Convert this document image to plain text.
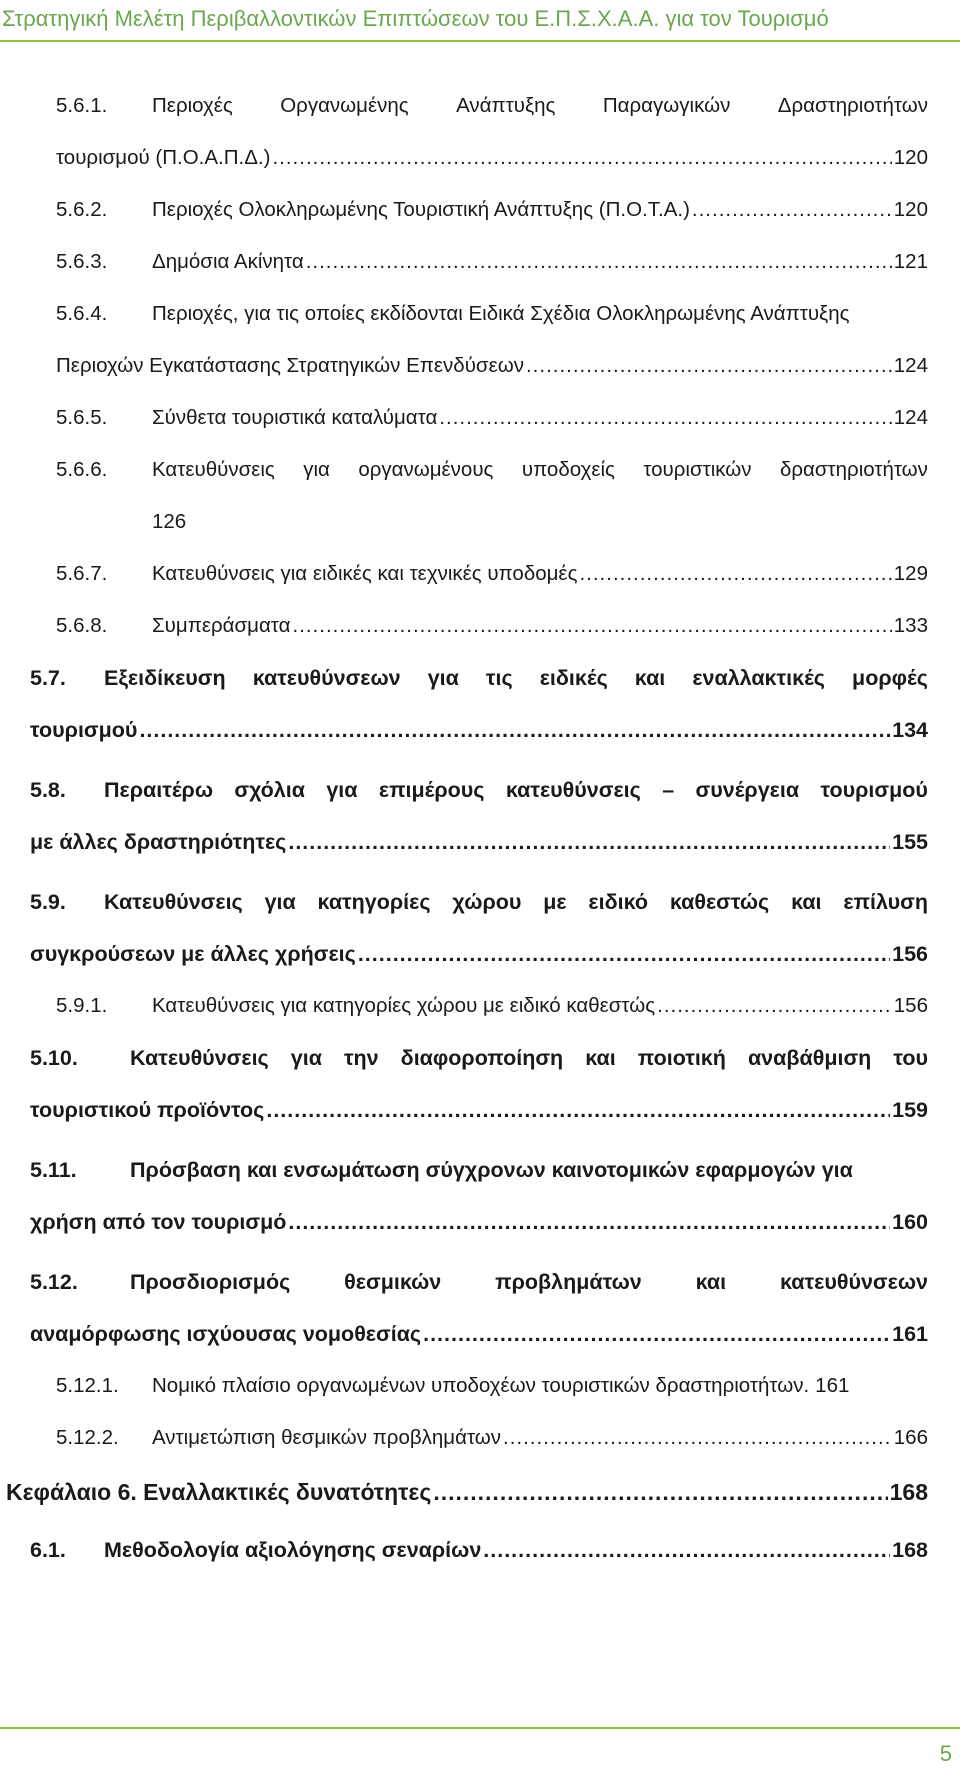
Στρατηγική Μελέτη Περιβαλλοντικών Επιπτώσεων του Ε.Π.Σ.Χ.Α.Α. για τον Τουρισμό
5.6.1. Περιοχές Οργανωμένης Ανάπτυξης Παραγωγικών Δραστηριοτήτων
τουρισμού (Π.Ο.Α.Π.Δ.) .....	120
5.6.2. Περιοχές Ολοκληρωμένης Τουριστική Ανάπτυξης (Π.Ο.Τ.Α.) .....	120
5.6.3. Δημόσια Ακίνητα .....	121
5.6.4. Περιοχές, για τις οποίες εκδίδονται Ειδικά Σχέδια Ολοκληρωμένης Ανάπτυξης
Περιοχών Εγκατάστασης Στρατηγικών Επενδύσεων .....	124
5.6.5. Σύνθετα τουριστικά καταλύματα .....	124
5.6.6. Κατευθύνσεις για οργανωμένους υποδοχείς τουριστικών δραστηριοτήτων
126
5.6.7. Κατευθύνσεις για ειδικές και τεχνικές υποδομές .....	129
5.6.8. Συμπεράσματα .....	133
5.7. Εξειδίκευση κατευθύνσεων για τις ειδικές και εναλλακτικές μορφές
τουρισμού .....	134
5.8. Περαιτέρω σχόλια για επιμέρους κατευθύνσεις – συνέργεια τουρισμού
με άλλες δραστηριότητες .....	155
5.9. Κατευθύνσεις για κατηγορίες χώρου με ειδικό καθεστώς και επίλυση
συγκρούσεων με άλλες χρήσεις .....	156
5.9.1. Κατευθύνσεις για κατηγορίες χώρου με ειδικό καθεστώς .....	156
5.10. Κατευθύνσεις για την διαφοροποίηση και ποιοτική αναβάθμιση του
τουριστικού προϊόντος .....	159
5.11. Πρόσβαση και ενσωμάτωση σύγχρονων καινοτομικών εφαρμογών για
χρήση από τον τουρισμό .....	160
5.12. Προσδιορισμός	θεσμικών	προβλημάτων	και	κατευθύνσεων
αναμόρφωσης ισχύουσας νομοθεσίας .....	161
5.12.1. Νομικό πλαίσιο οργανωμένων υποδοχέων τουριστικών δραστηριοτήτων. 161
5.12.2. Αντιμετώπιση θεσμικών προβλημάτων .....	166
Κεφάλαιο 6. Εναλλακτικές δυνατότητες .....	168
6.1. Μεθοδολογία αξιολόγησης σεναρίων .....	168
5
